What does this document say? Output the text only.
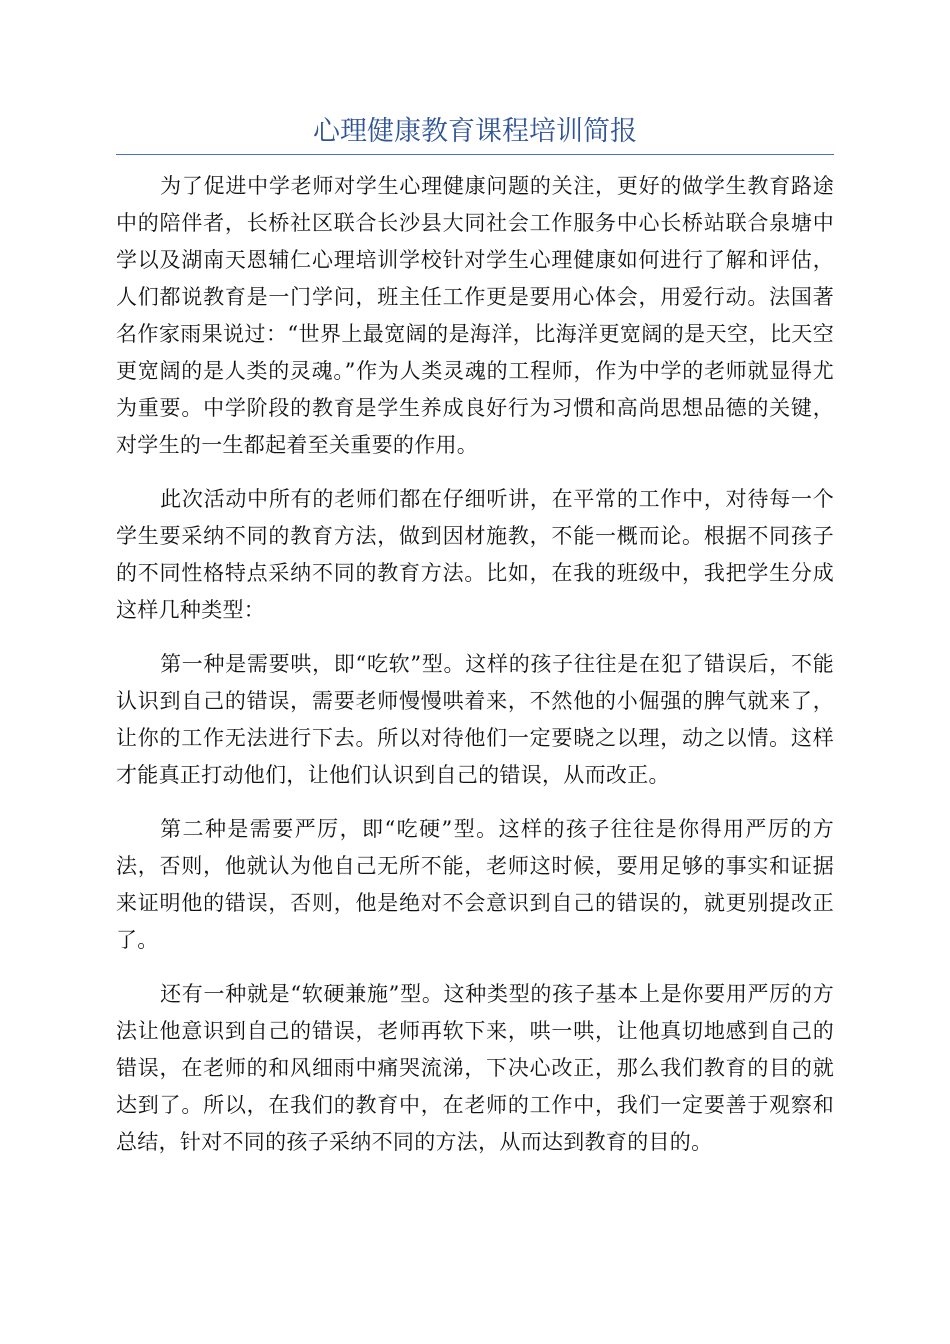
心理健康教育课程培训简报

为了促进中学老师对学生心理健康问题的关注，更好的做学生教育路途中的陪伴者，长桥社区联合长沙县大同社会工作服务中心长桥站联合泉塘中学以及湖南天恩辅仁心理培训学校针对学生心理健康如何进行了解和评估，人们都说教育是一门学问，班主任工作更是要用心体会，用爱行动。法国著名作家雨果说过：“世界上最宽阔的是海洋，比海洋更宽阔的是天空，比天空更宽阔的是人类的灵魂。”作为人类灵魂的工程师，作为中学的老师就显得尤为重要。中学阶段的教育是学生养成良好行为习惯和高尚思想品德的关键，对学生的一生都起着至关重要的作用。

此次活动中所有的老师们都在仔细听讲，在平常的工作中，对待每一个学生要采纳不同的教育方法，做到因材施教，不能一概而论。根据不同孩子的不同性格特点采纳不同的教育方法。比如，在我的班级中，我把学生分成这样几种类型：

第一种是需要哄，即“吃软”型。这样的孩子往往是在犯了错误后，不能认识到自己的错误，需要老师慢慢哄着来，不然他的小倔强的脾气就来了，让你的工作无法进行下去。所以对待他们一定要晓之以理，动之以情。这样才能真正打动他们，让他们认识到自己的错误，从而改正。

第二种是需要严厉，即“吃硬”型。这样的孩子往往是你得用严厉的方法，否则，他就认为他自己无所不能，老师这时候，要用足够的事实和证据来证明他的错误，否则，他是绝对不会意识到自己的错误的，就更别提改正了。

还有一种就是“软硬兼施”型。这种类型的孩子基本上是你要用严厉的方法让他意识到自己的错误，老师再软下来，哄一哄，让他真切地感到自己的错误，在老师的和风细雨中痛哭流涕，下决心改正，那么我们教育的目的就达到了。所以，在我们的教育中，在老师的工作中，我们一定要善于观察和总结，针对不同的孩子采纳不同的方法，从而达到教育的目的。
